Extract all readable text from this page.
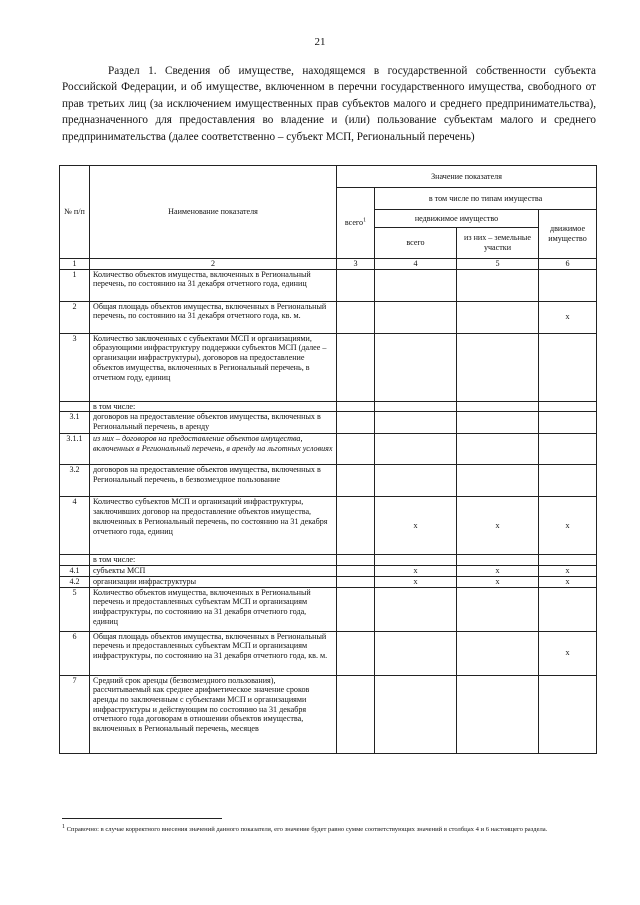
21
Раздел 1. Сведения об имуществе, находящемся в государственной собственности субъекта Российской Федерации, и об имуществе, включенном в перечни государственного имущества, свободного от прав третьих лиц (за исключением имущественных прав субъектов малого и среднего предпринимательства), предназначенного для предоставления во владение и (или) пользование субъектам малого и среднего предпринимательства (далее соответственно – субъект МСП, Региональный перечень)
№ п/п	Наименование показателя	Значение показателя			
		всего$^1$	в том числе по типам имущества		
			недвижимое имущество		движимое имущество
			всего	из них – земельные участки	
1	2	3	4	5	6
1	Количество объектов имущества, включенных в Региональный перечень, по состоянию на 31 декабря отчетного года, единиц				
2	Общая площадь объектов имущества, включенных в Региональный перечень, по состоянию на 31 декабря отчетного года, кв. м.				x
3	Количество заключенных с субъектами МСП и организациями, образующими инфраструктуру поддержки субъектов МСП (далее – организации инфраструктуры), договоров на предоставление объектов имущества, включенных в Региональный перечень, в отчетном году, единиц				
	в том числе:				
3.1	договоров на предоставление объектов имущества, включенных в Региональный перечень, в аренду				
3.1.1	из них – договоров на предоставление объектов имущества, включенных в Региональный перечень, в аренду на льготных условиях				
3.2	договоров на предоставление объектов имущества, включенных в Региональный перечень, в безвозмездное пользование				
4	Количество субъектов МСП и организаций инфраструктуры, заключивших договор на предоставление объектов имущества, включенных в Региональный перечень, по состоянию на 31 декабря отчетного года, единиц		x	x	x
	в том числе:				
4.1	субъекты МСП		x	x	x
4.2	организации инфраструктуры		x	x	x
5	Количество объектов имущества, включенных в Региональный перечень и предоставленных субъектам МСП и организациям инфраструктуры, по состоянию на 31 декабря отчетного года, единиц				
6	Общая площадь объектов имущества, включенных в Региональный перечень и предоставленных субъектам МСП и организациям инфраструктуры, по состоянию на 31 декабря отчетного года, кв. м.				x
7	Средний срок аренды (безвозмездного пользования), рассчитываемый как среднее арифметическое значение сроков аренды по заключенным с субъектами МСП и организациями инфраструктуры и действующим по состоянию на 31 декабря отчетного года договорам в отношении объектов имущества, включенных в Региональный перечень, месяцев				
1 Справочно: в случае корректного внесения значений данного показателя, его значение будет равно сумме соответствующих значений в столбцах 4 и 6 настоящего раздела.
